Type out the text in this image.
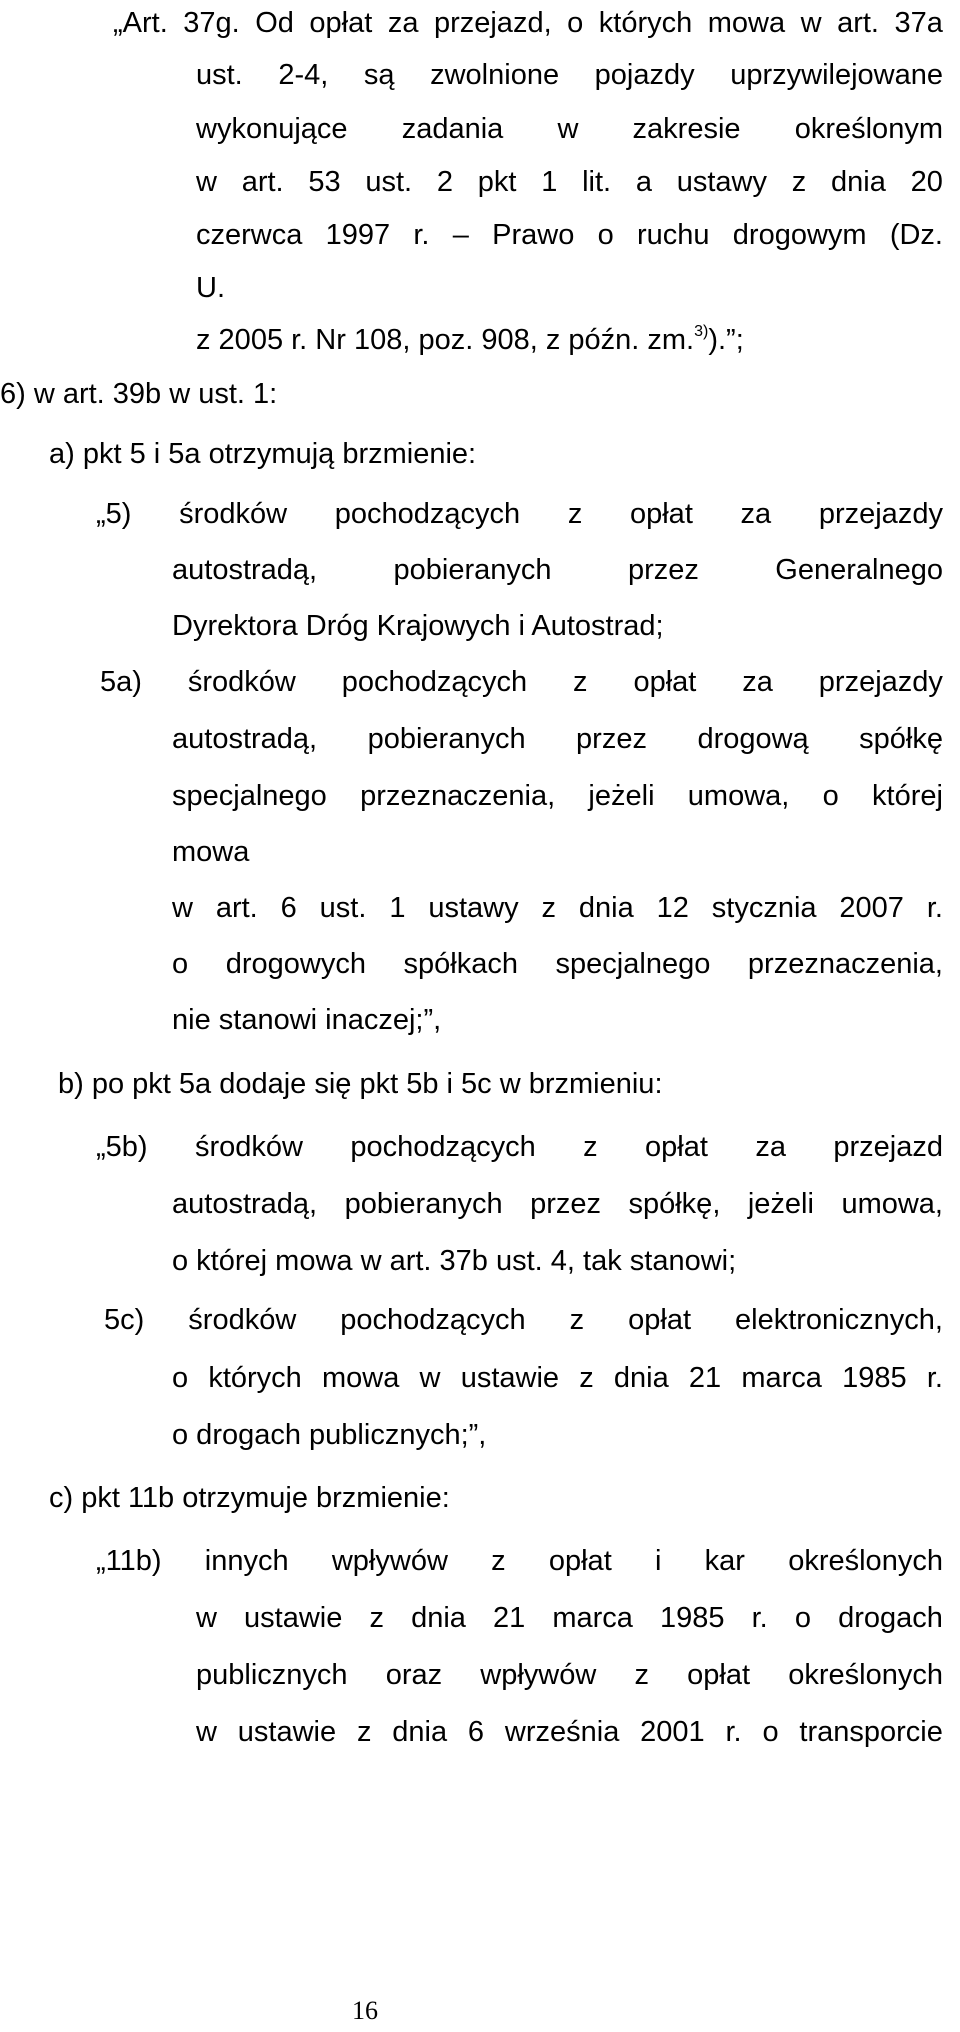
„Art. 37g. Od opłat za przejazd, o których mowa w art. 37a
ust. 2-4, są zwolnione pojazdy uprzywilejowane
wykonujące zadania w zakresie określonym
w art. 53 ust. 2 pkt 1 lit. a ustawy z dnia 20
czerwca 1997 r. – Prawo o ruchu drogowym (Dz.
U.
z 2005 r. Nr 108, poz. 908, z późn. zm.$^{3)}$).”;
6) w art. 39b w ust. 1:
a) pkt 5 i 5a otrzymują brzmienie:
„5) środków pochodzących z opłat za przejazdy
autostradą,	pobieranych	przez	Generalnego
Dyrektora Dróg Krajowych i Autostrad;
5a) środków pochodzących z opłat za przejazdy
autostradą, pobieranych przez drogową spółkę
specjalnego przeznaczenia, jeżeli umowa, o której
mowa
w art. 6 ust. 1 ustawy z dnia 12 stycznia 2007 r.
o drogowych spółkach specjalnego przeznaczenia,
nie stanowi inaczej;”,
b) po pkt 5a dodaje się pkt 5b i 5c w brzmieniu:
„5b) środków pochodzących z opłat za przejazd
autostradą, pobieranych przez spółkę, jeżeli umowa,
o której mowa w art. 37b ust. 4, tak stanowi;
5c) środków pochodzących z opłat elektronicznych,
o których mowa w ustawie z dnia 21 marca 1985 r.
o drogach publicznych;”,
c) pkt 11b otrzymuje brzmienie:
„11b) innych wpływów z opłat i kar określonych
w ustawie z dnia 21 marca 1985 r. o drogach
publicznych oraz wpływów z opłat określonych
w ustawie z dnia 6 września 2001 r. o transporcie
16
